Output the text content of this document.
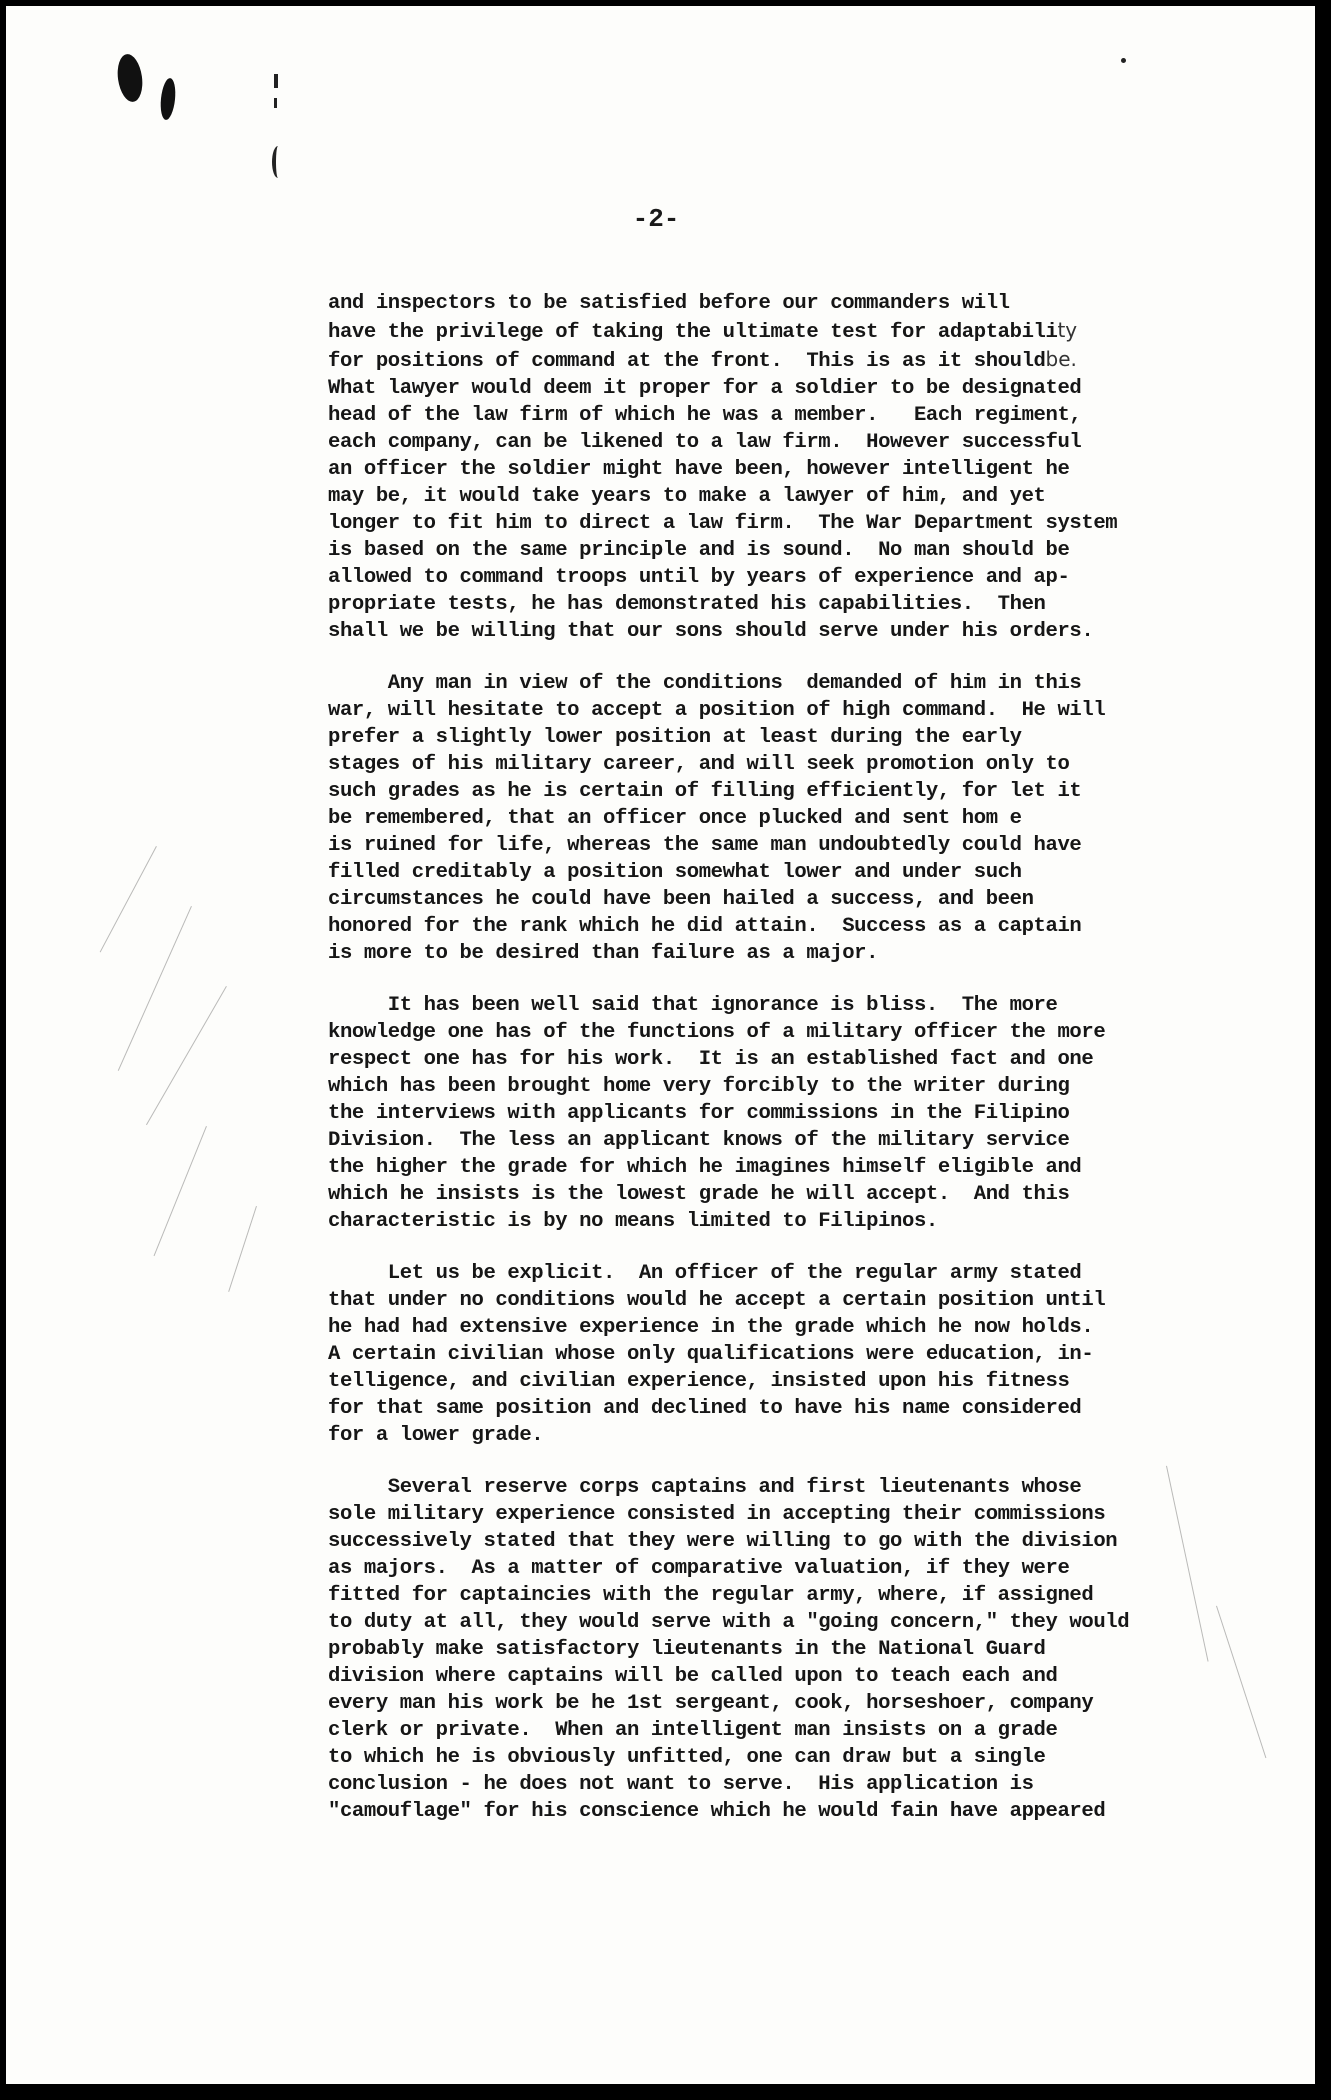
-2-
and inspectors to be satisfied before our commanders will
have the privilege of taking the ultimate test for adaptability
for positions of command at the front.  This is as it shouldbe.
What lawyer would deem it proper for a soldier to be designated
head of the law firm of which he was a member.   Each regiment,
each company, can be likened to a law firm.  However successful
an officer the soldier might have been, however intelligent he
may be, it would take years to make a lawyer of him, and yet
longer to fit him to direct a law firm.  The War Department system
is based on the same principle and is sound.  No man should be
allowed to command troops until by years of experience and ap-
propriate tests, he has demonstrated his capabilities.  Then
shall we be willing that our sons should serve under his orders.
Any man in view of the conditions  demanded of him in this
war, will hesitate to accept a position of high command.  He will
prefer a slightly lower position at least during the early
stages of his military career, and will seek promotion only to
such grades as he is certain of filling efficiently, for let it
be remembered, that an officer once plucked and sent hom e
is ruined for life, whereas the same man undoubtedly could have
filled creditably a position somewhat lower and under such
circumstances he could have been hailed a success, and been
honored for the rank which he did attain.  Success as a captain
is more to be desired than failure as a major.
It has been well said that ignorance is bliss.  The more
knowledge one has of the functions of a military officer the more
respect one has for his work.  It is an established fact and one
which has been brought home very forcibly to the writer during
the interviews with applicants for commissions in the Filipino
Division.  The less an applicant knows of the military service
the higher the grade for which he imagines himself eligible and
which he insists is the lowest grade he will accept.  And this
characteristic is by no means limited to Filipinos.
Let us be explicit.  An officer of the regular army stated
that under no conditions would he accept a certain position until
he had had extensive experience in the grade which he now holds.
A certain civilian whose only qualifications were education, in-
telligence, and civilian experience, insisted upon his fitness
for that same position and declined to have his name considered
for a lower grade.
Several reserve corps captains and first lieutenants whose
sole military experience consisted in accepting their commissions
successively stated that they were willing to go with the division
as majors.  As a matter of comparative valuation, if they were
fitted for captaincies with the regular army, where, if assigned
to duty at all, they would serve with a "going concern," they would
probably make satisfactory lieutenants in the National Guard
division where captains will be called upon to teach each and
every man his work be he 1st sergeant, cook, horseshoer, company
clerk or private.  When an intelligent man insists on a grade
to which he is obviously unfitted, one can draw but a single
conclusion - he does not want to serve.  His application is
"camouflage" for his conscience which he would fain have appeared
